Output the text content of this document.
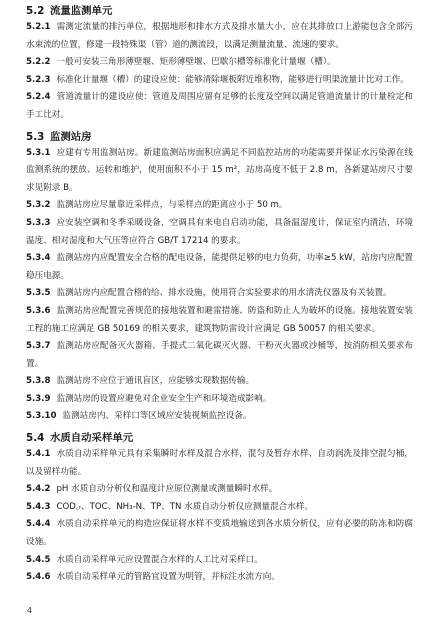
5.2 流量监测单元

5.2.1 需测定流量的排污单位，根据地形和排水方式及排水量大小，应在其排放口上游能包含全部污水束流的位置，修建一段特殊渠（管）道的测流段，以满足测量流量、流速的要求。

5.2.2 一般可安装三角形薄壁堰、矩形薄壁堰、巴歇尔槽等标准化计量堰（槽）。

5.2.3 标准化计量堰（槽）的建设应使：能够清除堰板附近堆积物，能够进行明渠流量计比对工作。

5.2.4 管道流量计的建设应使：管道及周围应留有足够的长度及空间以满足管道流量计的计量检定和手工比对。

5.3 监测站房

5.3.1 应建有专用监测站房。新建监测站房面积应满足不同监控站房的功能需要并保证水污染源在线监测系统的摆放、运转和维护，使用面积不小于 15 m²，站房高度不低于 2.8 m，各新建站房尺寸要求见附录 B。

5.3.2 监测站房应尽量靠近采样点，与采样点的距离应小于 50 m。

5.3.3 应安装空调和冬季采暖设备，空调具有来电自启动功能，具备温湿度计，保证室内清洁，环境温度、相对湿度和大气压等应符合 GB/T 17214 的要求。

5.3.4 监测站房内应配置安全合格的配电设备，能提供足够的电力负荷，功率≥5 kW，站房内应配置稳压电源。

5.3.5 监测站房内应配置合格的给、排水设施，使用符合实验要求的用水清洗仪器及有关装置。

5.3.6 监测站房应配置完善规范的接地装置和避雷措施、防盗和防止人为破坏的设施。接地装置安装工程的施工应满足 GB 50169 的相关要求，建筑物防雷设计应满足 GB 50057 的相关要求。

5.3.7 监测站房应配备灭火器箱、手提式二氧化碳灭火器、干粉灭火器或沙桶等，按消防相关要求布置。

5.3.8 监测站房不应位于通讯盲区，应能够实现数据传输。

5.3.9 监测站房的设置应避免对企业安全生产和环境造成影响。

5.3.10 监测站房内、采样口等区域应安装视频监控设备。

5.4 水质自动采样单元

5.4.1 水质自动采样单元具有采集瞬时水样及混合水样，混匀及暂存水样、自动润洗及排空混匀桶，以及留样功能。

5.4.2 pH 水质自动分析仪和温度计应原位测量或测量瞬时水样。

5.4.3 COD꜀ᵣ、TOC、NH₃-N、TP、TN 水质自动分析仪应测量混合水样。

5.4.4 水质自动采样单元的构造应保证将水样不变质地输送到各水质分析仪，应有必要的防冻和防腐设施。

5.4.5 水质自动采样单元应设置混合水样的人工比对采样口。

5.4.6 水质自动采样单元的管路宜设置为明管，并标注水流方向。

4
